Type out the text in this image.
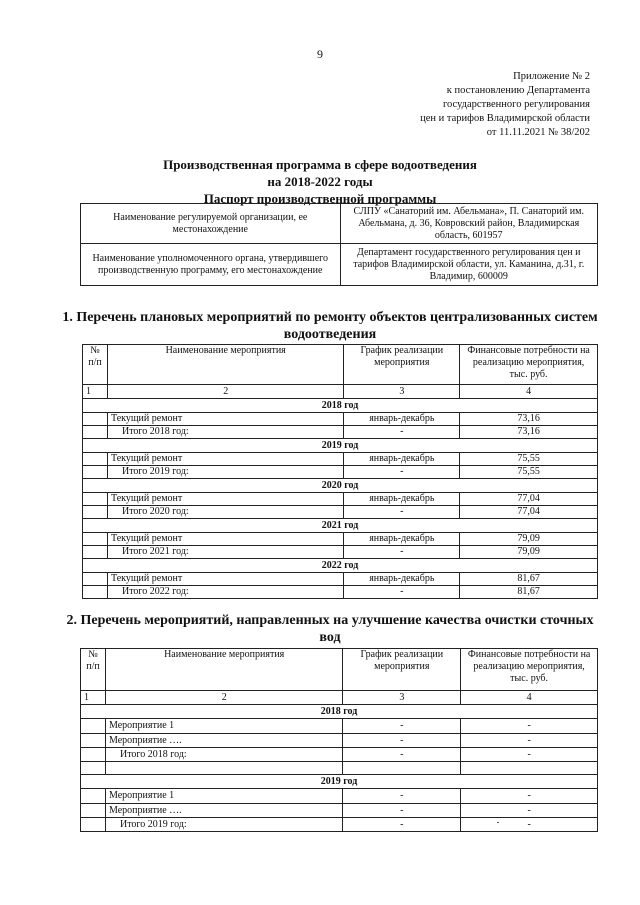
9
Приложение № 2
к постановлению Департамента
государственного регулирования
цен и тарифов Владимирской области
от 11.11.2021 № 38/202
Производственная программа в сфере водоотведения
на 2018-2022 годы
Паспорт производственной программы
Наименование регулируемой организации, ее местонахождение	СЛПУ «Санаторий им. Абельмана», П. Санаторий им. Абельмана, д. 36, Ковровский район, Владимирская область, 601957
Наименование уполномоченного органа, утвердившего производственную программу, его местонахождение	Департамент государственного регулирования цен и тарифов Владимирской области, ул. Каманина, д.31, г. Владимир, 600009
1. Перечень плановых мероприятий по ремонту объектов централизованных систем водоотведения
№ п/п	Наименование мероприятия	График реализации мероприятия	Финансовые потребности на реализацию мероприятия, тыс. руб.
1	2	3	4
2018 год			
	Текущий ремонт	январь-декабрь	73,16
	Итого 2018 год:	-	73,16
2019 год			
	Текущий ремонт	январь-декабрь	75,55
	Итого 2019 год:	-	75,55
2020 год			
	Текущий ремонт	январь-декабрь	77,04
	Итого 2020 год:	-	77,04
2021 год			
	Текущий ремонт	январь-декабрь	79,09
	Итого 2021 год:	-	79,09
2022 год			
	Текущий ремонт	январь-декабрь	81,67
	Итого 2022 год:	-	81,67
2. Перечень мероприятий, направленных на улучшение качества очистки сточных вод
№ п/п	Наименование мероприятия	График реализации мероприятия	Финансовые потребности на реализацию мероприятия, тыс. руб.
1	2	3	4
2018 год			
	Мероприятие 1	-	-
	Мероприятие ….	-	-
	Итого 2018 год:	-	-

2019 год			
	Мероприятие 1	-	-
	Мероприятие ….	-	-
	Итого 2019 год:	-	-
